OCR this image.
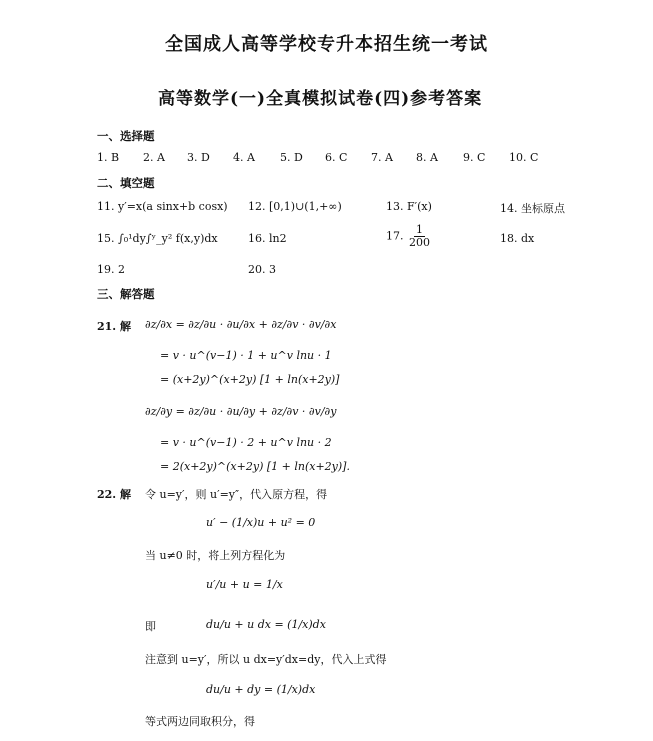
全国成人高等学校专升本招生统一考试
高等数学(一)全真模拟试卷(四)参考答案
一、选择题
1. B 2. A 3. D 4. A 5. D 6. C 7. A 8. A 9. C 10. C
二、填空题
11. y′=x(a sinx+b cosx) 12. [0,1)∪(1,+∞)	13. F′(x)	14. 坐标原点
15. ∫₀¹dy∫ʸ_y² f(x,y)dx	16. ln2	17. $\frac{1}{200}$	18. dx
19. 2	20. 3
三、解答题
21. 解 ∂z/∂x = ∂z/∂u · ∂u/∂x + ∂z/∂v · ∂v/∂x
= v · u^(v−1) · 1 + u^v lnu · 1
= (x+2y)^(x+2y) [1 + ln(x+2y)]
∂z/∂y = ∂z/∂u · ∂u/∂y + ∂z/∂v · ∂v/∂y
= v · u^(v−1) · 2 + u^v lnu · 2
= 2(x+2y)^(x+2y) [1 + ln(x+2y)].
22. 解 令 u=y′，则 u′=y″，代入原方程，得
u′ − (1/x)u + u² = 0
当 u≠0 时，将上列方程化为
u′/u + u = 1/x
即	du/u + u dx = (1/x)dx
注意到 u=y′，所以 u dx=y′dx=dy，代入上式得
du/u + dy = (1/x)dx
等式两边同取积分，得
